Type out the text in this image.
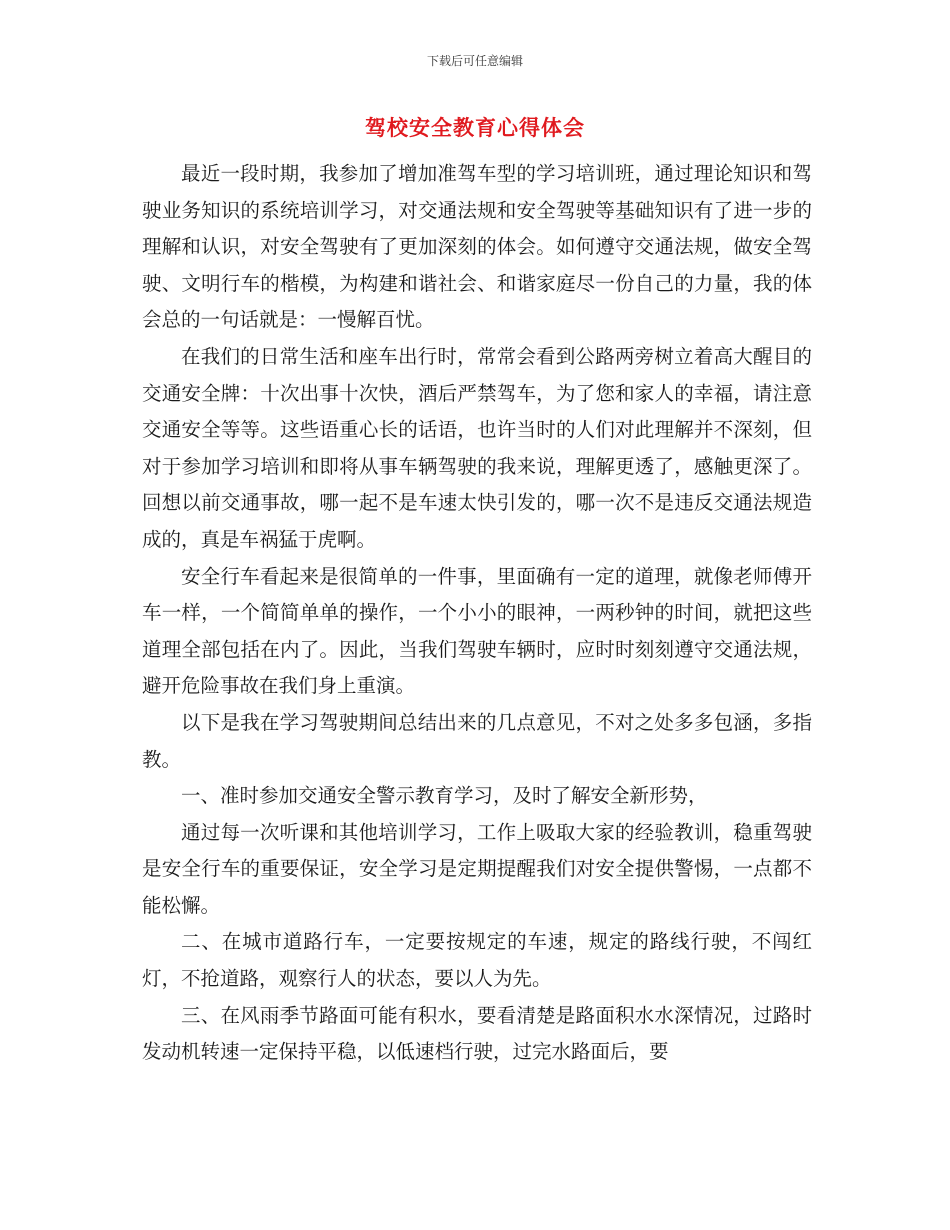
下载后可任意编辑
驾校安全教育心得体会

最近一段时期，我参加了增加准驾车型的学习培训班，通过理论知识和驾驶业务知识的系统培训学习，对交通法规和安全驾驶等基础知识有了进一步的理解和认识，对安全驾驶有了更加深刻的体会。如何遵守交通法规，做安全驾驶、文明行车的楷模，为构建和谐社会、和谐家庭尽一份自己的力量，我的体会总的一句话就是：一慢解百忧。

在我们的日常生活和座车出行时，常常会看到公路两旁树立着高大醒目的交通安全牌：十次出事十次快，酒后严禁驾车，为了您和家人的幸福，请注意交通安全等等。这些语重心长的话语，也许当时的人们对此理解并不深刻，但对于参加学习培训和即将从事车辆驾驶的我来说，理解更透了，感触更深了。回想以前交通事故，哪一起不是车速太快引发的，哪一次不是违反交通法规造成的，真是车祸猛于虎啊。

安全行车看起来是很简单的一件事，里面确有一定的道理，就像老师傅开车一样，一个简简单单的操作，一个小小的眼神，一两秒钟的时间，就把这些道理全部包括在内了。因此，当我们驾驶车辆时，应时时刻刻遵守交通法规，避开危险事故在我们身上重演。

以下是我在学习驾驶期间总结出来的几点意见，不对之处多多包涵，多指教。

一、准时参加交通安全警示教育学习，及时了解安全新形势，

通过每一次听课和其他培训学习，工作上吸取大家的经验教训，稳重驾驶是安全行车的重要保证，安全学习是定期提醒我们对安全提供警惕，一点都不能松懈。

二、在城市道路行车，一定要按规定的车速，规定的路线行驶，不闯红灯，不抢道路，观察行人的状态，要以人为先。

三、在风雨季节路面可能有积水，要看清楚是路面积水水深情况，过路时发动机转速一定保持平稳，以低速档行驶，过完水路面后，要
